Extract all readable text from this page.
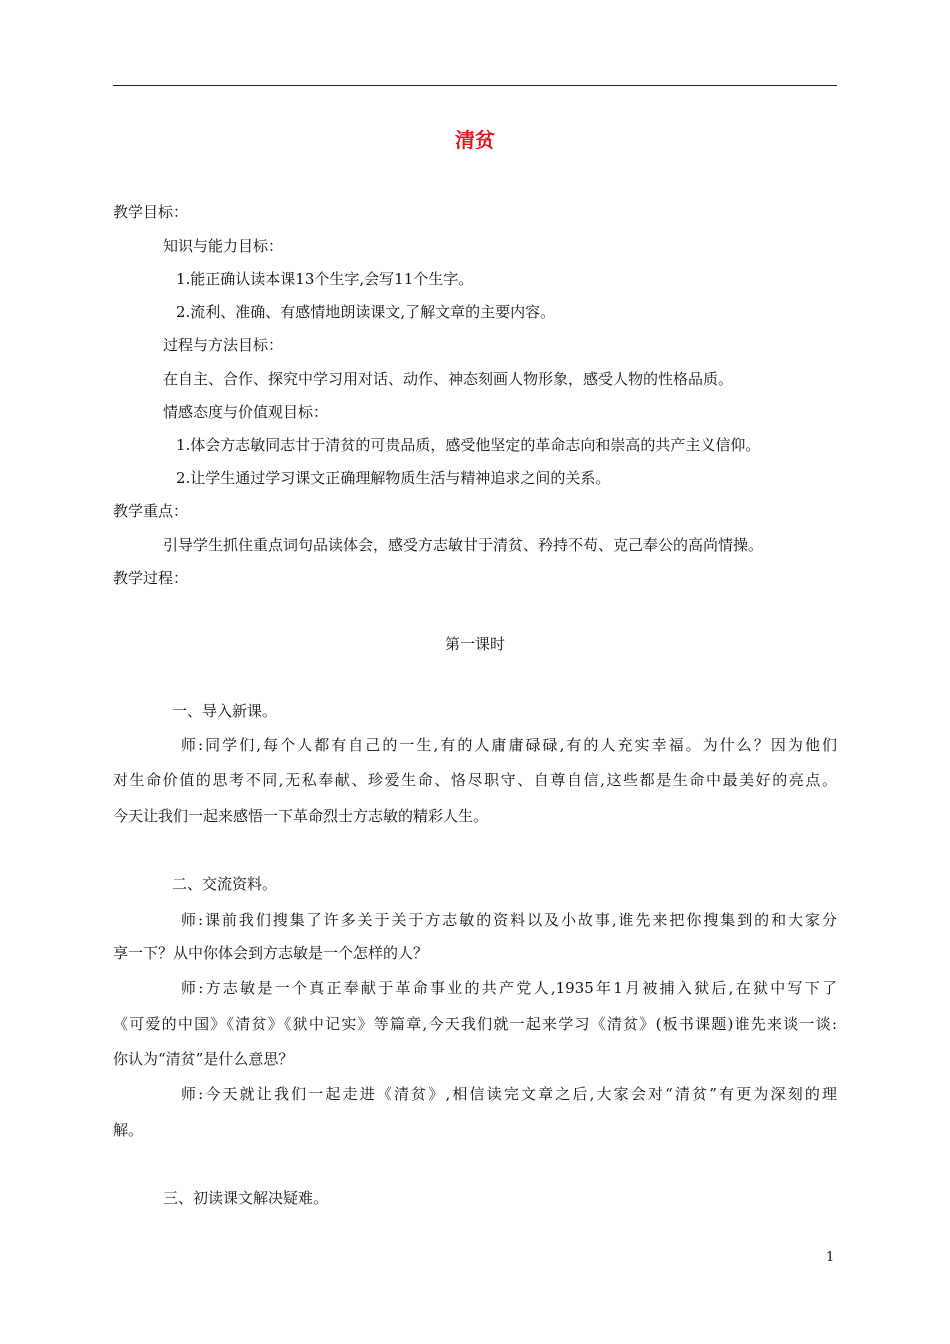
清贫
教学目标：
知识与能力目标：
1.能正确认读本课13个生字,会写11个生字。
2.流利、准确、有感情地朗读课文,了解文章的主要内容。
过程与方法目标：
在自主、合作、探究中学习用对话、动作、神态刻画人物形象，感受人物的性格品质。
情感态度与价值观目标：
1.体会方志敏同志甘于清贫的可贵品质，感受他坚定的革命志向和崇高的共产主义信仰。
2.让学生通过学习课文正确理解物质生活与精神追求之间的关系。
教学重点：
引导学生抓住重点词句品读体会，感受方志敏甘于清贫、矜持不苟、克己奉公的高尚情操。
教学过程：
第一课时
一、导入新课。
师:同学们,每个人都有自己的一生,有的人庸庸碌碌,有的人充实幸福。为什么？因为他们
对生命价值的思考不同,无私奉献、珍爱生命、恪尽职守、自尊自信,这些都是生命中最美好的亮点。
今天让我们一起来感悟一下革命烈士方志敏的精彩人生。
二、交流资料。
师:课前我们搜集了许多关于关于方志敏的资料以及小故事,谁先来把你搜集到的和大家分
享一下？从中你体会到方志敏是一个怎样的人？
师:方志敏是一个真正奉献于革命事业的共产党人,1935年1月被捕入狱后,在狱中写下了
《可爱的中国》《清贫》《狱中记实》等篇章,今天我们就一起来学习《清贫》(板书课题)谁先来谈一谈:
你认为“清贫”是什么意思？
师:今天就让我们一起走进《清贫》,相信读完文章之后,大家会对“清贫”有更为深刻的理
解。
三、初读课文解决疑难。
1
